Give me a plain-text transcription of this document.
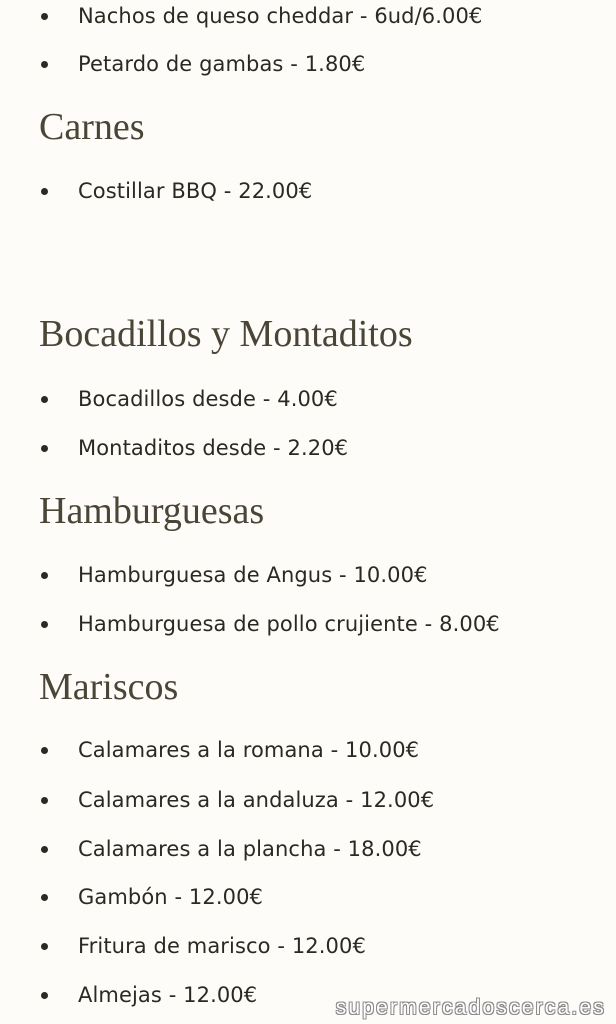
Nachos de queso cheddar - 6ud/6.00€
Petardo de gambas - 1.80€
Carnes
Costillar BBQ - 22.00€
Bocadillos y Montaditos
Bocadillos desde - 4.00€
Montaditos desde - 2.20€
Hamburguesas
Hamburguesa de Angus - 10.00€
Hamburguesa de pollo crujiente - 8.00€
Mariscos
Calamares a la romana - 10.00€
Calamares a la andaluza - 12.00€
Calamares a la plancha - 18.00€
Gambón - 12.00€
Fritura de marisco - 12.00€
Almejas - 12.00€
supermercadoscerca.es
